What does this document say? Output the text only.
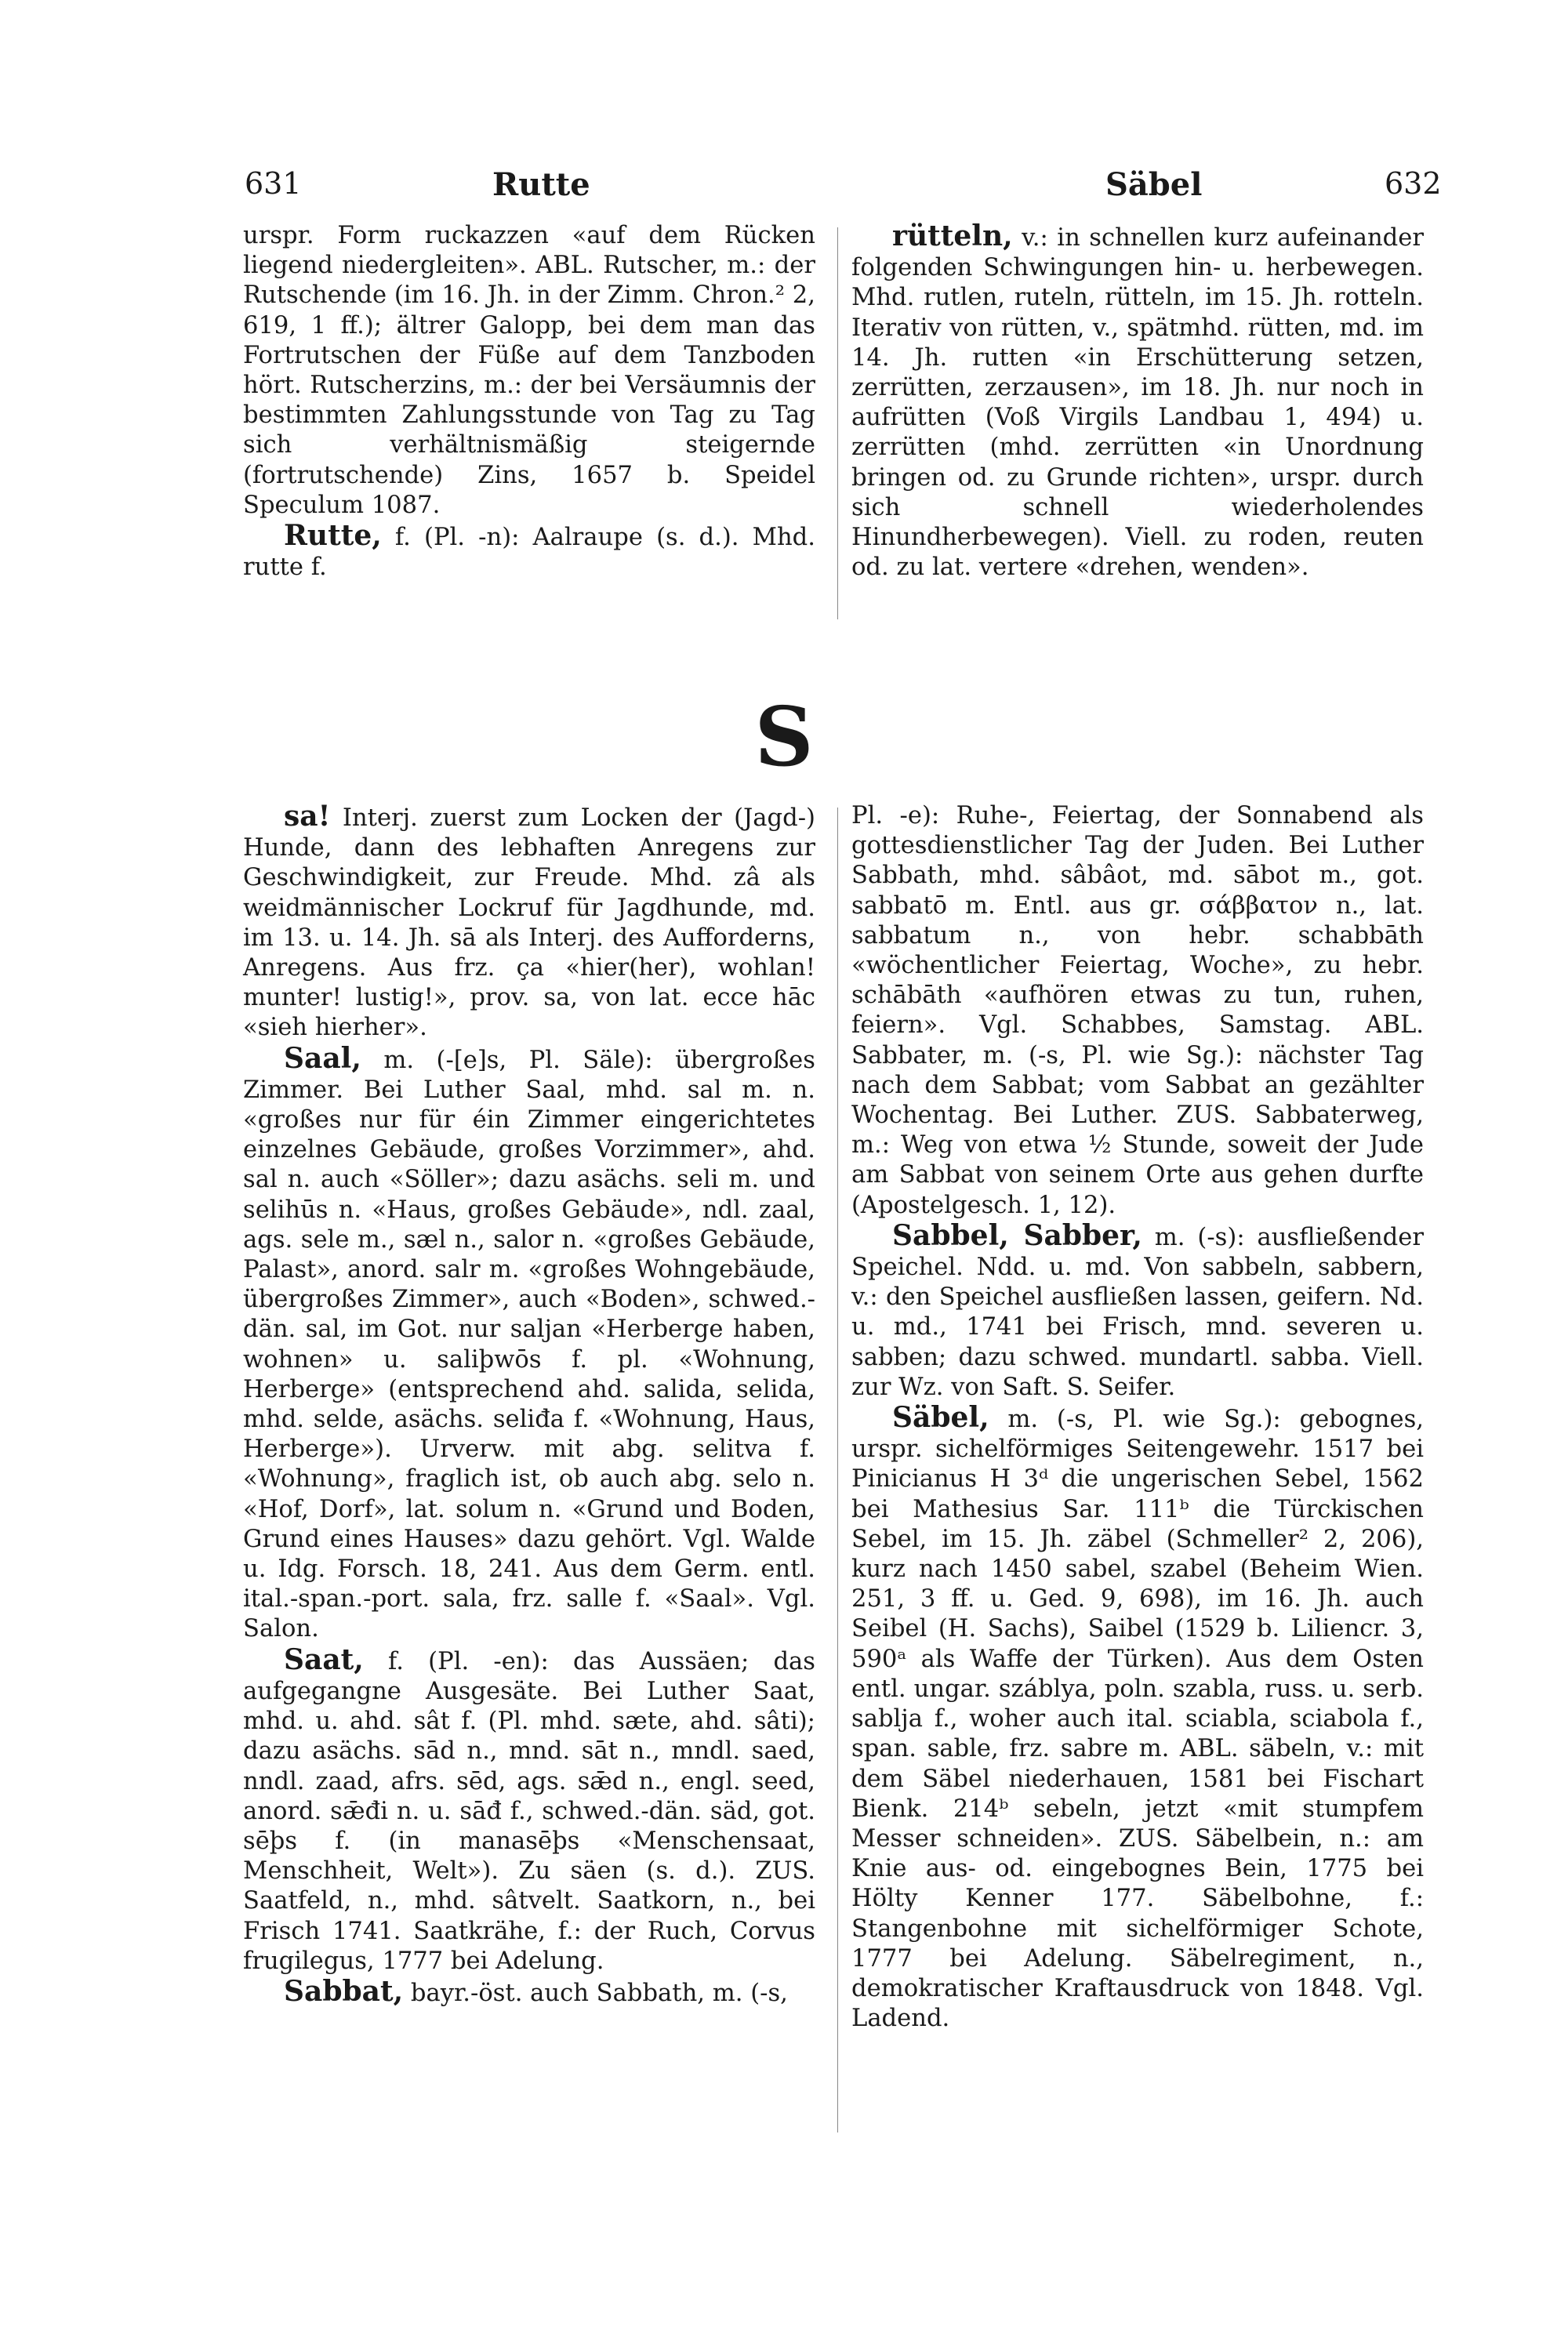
631	Rutte	Säbel	632

urspr. Form ruckazzen «auf dem Rücken liegend niedergleiten». ABL. Rutscher, m.: der Rutschende (im 16. Jh. in der Zimm. Chron.² 2, 619, 1 ff.); ältrer Galopp, bei dem man das Fortrutschen der Füße auf dem Tanzboden hört. Rutscherzins, m.: der bei Versäumnis der bestimmten Zahlungsstunde von Tag zu Tag sich verhältnismäßig steigernde (fortrutschende) Zins, 1657 b. Speidel Speculum 1087.

Rutte, f. (Pl. -n): Aalraupe (s. d.). Mhd. rutte f.

rütteln, v.: in schnellen kurz aufeinander folgenden Schwingungen hin- u. herbewegen. Mhd. rutlen, ruteln, rütteln, im 15. Jh. rotteln. Iterativ von rütten, v., spätmhd. rütten, md. im 14. Jh. rutten «in Erschütterung setzen, zerrütten, zerzausen», im 18. Jh. nur noch in aufrütten (Voß Virgils Landbau 1, 494) u. zerrütten (mhd. zerrütten «in Unordnung bringen od. zu Grunde richten», urspr. durch sich schnell wiederholendes Hinundherbewegen). Viell. zu roden, reuten od. zu lat. vertere «drehen, wenden».

S

sa! Interj. zuerst zum Locken der (Jagd-) Hunde, dann des lebhaften Anregens zur Geschwindigkeit, zur Freude. Mhd. zâ als weidmännischer Lockruf für Jagdhunde, md. im 13. u. 14. Jh. sā als Interj. des Aufforderns, Anregens. Aus frz. ça «hier(her), wohlan! munter! lustig!», prov. sa, von lat. ecce hāc «sieh hierher».

Saal, m. (-[e]s, Pl. Säle): übergroßes Zimmer. Bei Luther Saal, mhd. sal m. n. «großes nur für éin Zimmer eingerichtetes einzelnes Gebäude, großes Vorzimmer», ahd. sal n. auch «Söller»; dazu asächs. seli m. und selihūs n. «Haus, großes Gebäude», ndl. zaal, ags. sele m., sæl n., salor n. «großes Gebäude, Palast», anord. salr m. «großes Wohngebäude, übergroßes Zimmer», auch «Boden», schwed.-dän. sal, im Got. nur saljan «Herberge haben, wohnen» u. saliþwōs f. pl. «Wohnung, Herberge» (entsprechend ahd. salida, selida, mhd. selde, asächs. seliđa f. «Wohnung, Haus, Herberge»). Urverw. mit abg. selitva f. «Wohnung», fraglich ist, ob auch abg. selo n. «Hof, Dorf», lat. solum n. «Grund und Boden, Grund eines Hauses» dazu gehört. Vgl. Walde u. Idg. Forsch. 18, 241. Aus dem Germ. entl. ital.-span.-port. sala, frz. salle f. «Saal». Vgl. Salon.

Saat, f. (Pl. -en): das Aussäen; das aufgegangne Ausgesäte. Bei Luther Saat, mhd. u. ahd. sât f. (Pl. mhd. sæte, ahd. sâti); dazu asächs. sād n., mnd. sāt n., mndl. saed, nndl. zaad, afrs. sēd, ags. sǣd n., engl. seed, anord. sǣđi n. u. sāđ f., schwed.-dän. säd, got. sēþs f. (in manasēþs «Menschensaat, Menschheit, Welt»). Zu säen (s. d.). ZUS. Saatfeld, n., mhd. sâtvelt. Saatkorn, n., bei Frisch 1741. Saatkrähe, f.: der Ruch, Corvus frugilegus, 1777 bei Adelung.

Sabbat, bayr.-öst. auch Sabbath, m. (-s,

Pl. -e): Ruhe-, Feiertag, der Sonnabend als gottesdienstlicher Tag der Juden. Bei Luther Sabbath, mhd. sâbâot, md. sābot m., got. sabbatō m. Entl. aus gr. σάββατον n., lat. sabbatum n., von hebr. schabbāth «wöchentlicher Feiertag, Woche», zu hebr. schābāth «aufhören etwas zu tun, ruhen, feiern». Vgl. Schabbes, Samstag. ABL. Sabbater, m. (-s, Pl. wie Sg.): nächster Tag nach dem Sabbat; vom Sabbat an gezählter Wochentag. Bei Luther. ZUS. Sabbaterweg, m.: Weg von etwa ½ Stunde, soweit der Jude am Sabbat von seinem Orte aus gehen durfte (Apostelgesch. 1, 12).

Sabbel, Sabber, m. (-s): ausfließender Speichel. Ndd. u. md. Von sabbeln, sabbern, v.: den Speichel ausfließen lassen, geifern. Nd. u. md., 1741 bei Frisch, mnd. severen u. sabben; dazu schwed. mundartl. sabba. Viell. zur Wz. von Saft. S. Seifer.

Säbel, m. (-s, Pl. wie Sg.): gebognes, urspr. sichelförmiges Seitengewehr. 1517 bei Pinicianus H 3ᵈ die ungerischen Sebel, 1562 bei Mathesius Sar. 111ᵇ die Türckischen Sebel, im 15. Jh. zäbel (Schmeller² 2, 206), kurz nach 1450 sabel, szabel (Beheim Wien. 251, 3 ff. u. Ged. 9, 698), im 16. Jh. auch Seibel (H. Sachs), Saibel (1529 b. Liliencr. 3, 590ᵃ als Waffe der Türken). Aus dem Osten entl. ungar. száblya, poln. szabla, russ. u. serb. sablja f., woher auch ital. sciabla, sciabola f., span. sable, frz. sabre m. ABL. säbeln, v.: mit dem Säbel niederhauen, 1581 bei Fischart Bienk. 214ᵇ sebeln, jetzt «mit stumpfem Messer schneiden». ZUS. Säbelbein, n.: am Knie aus- od. eingebognes Bein, 1775 bei Hölty Kenner 177. Säbelbohne, f.: Stangenbohne mit sichelförmiger Schote, 1777 bei Adelung. Säbelregiment, n., demokratischer Kraftausdruck von 1848. Vgl. Ladend.
